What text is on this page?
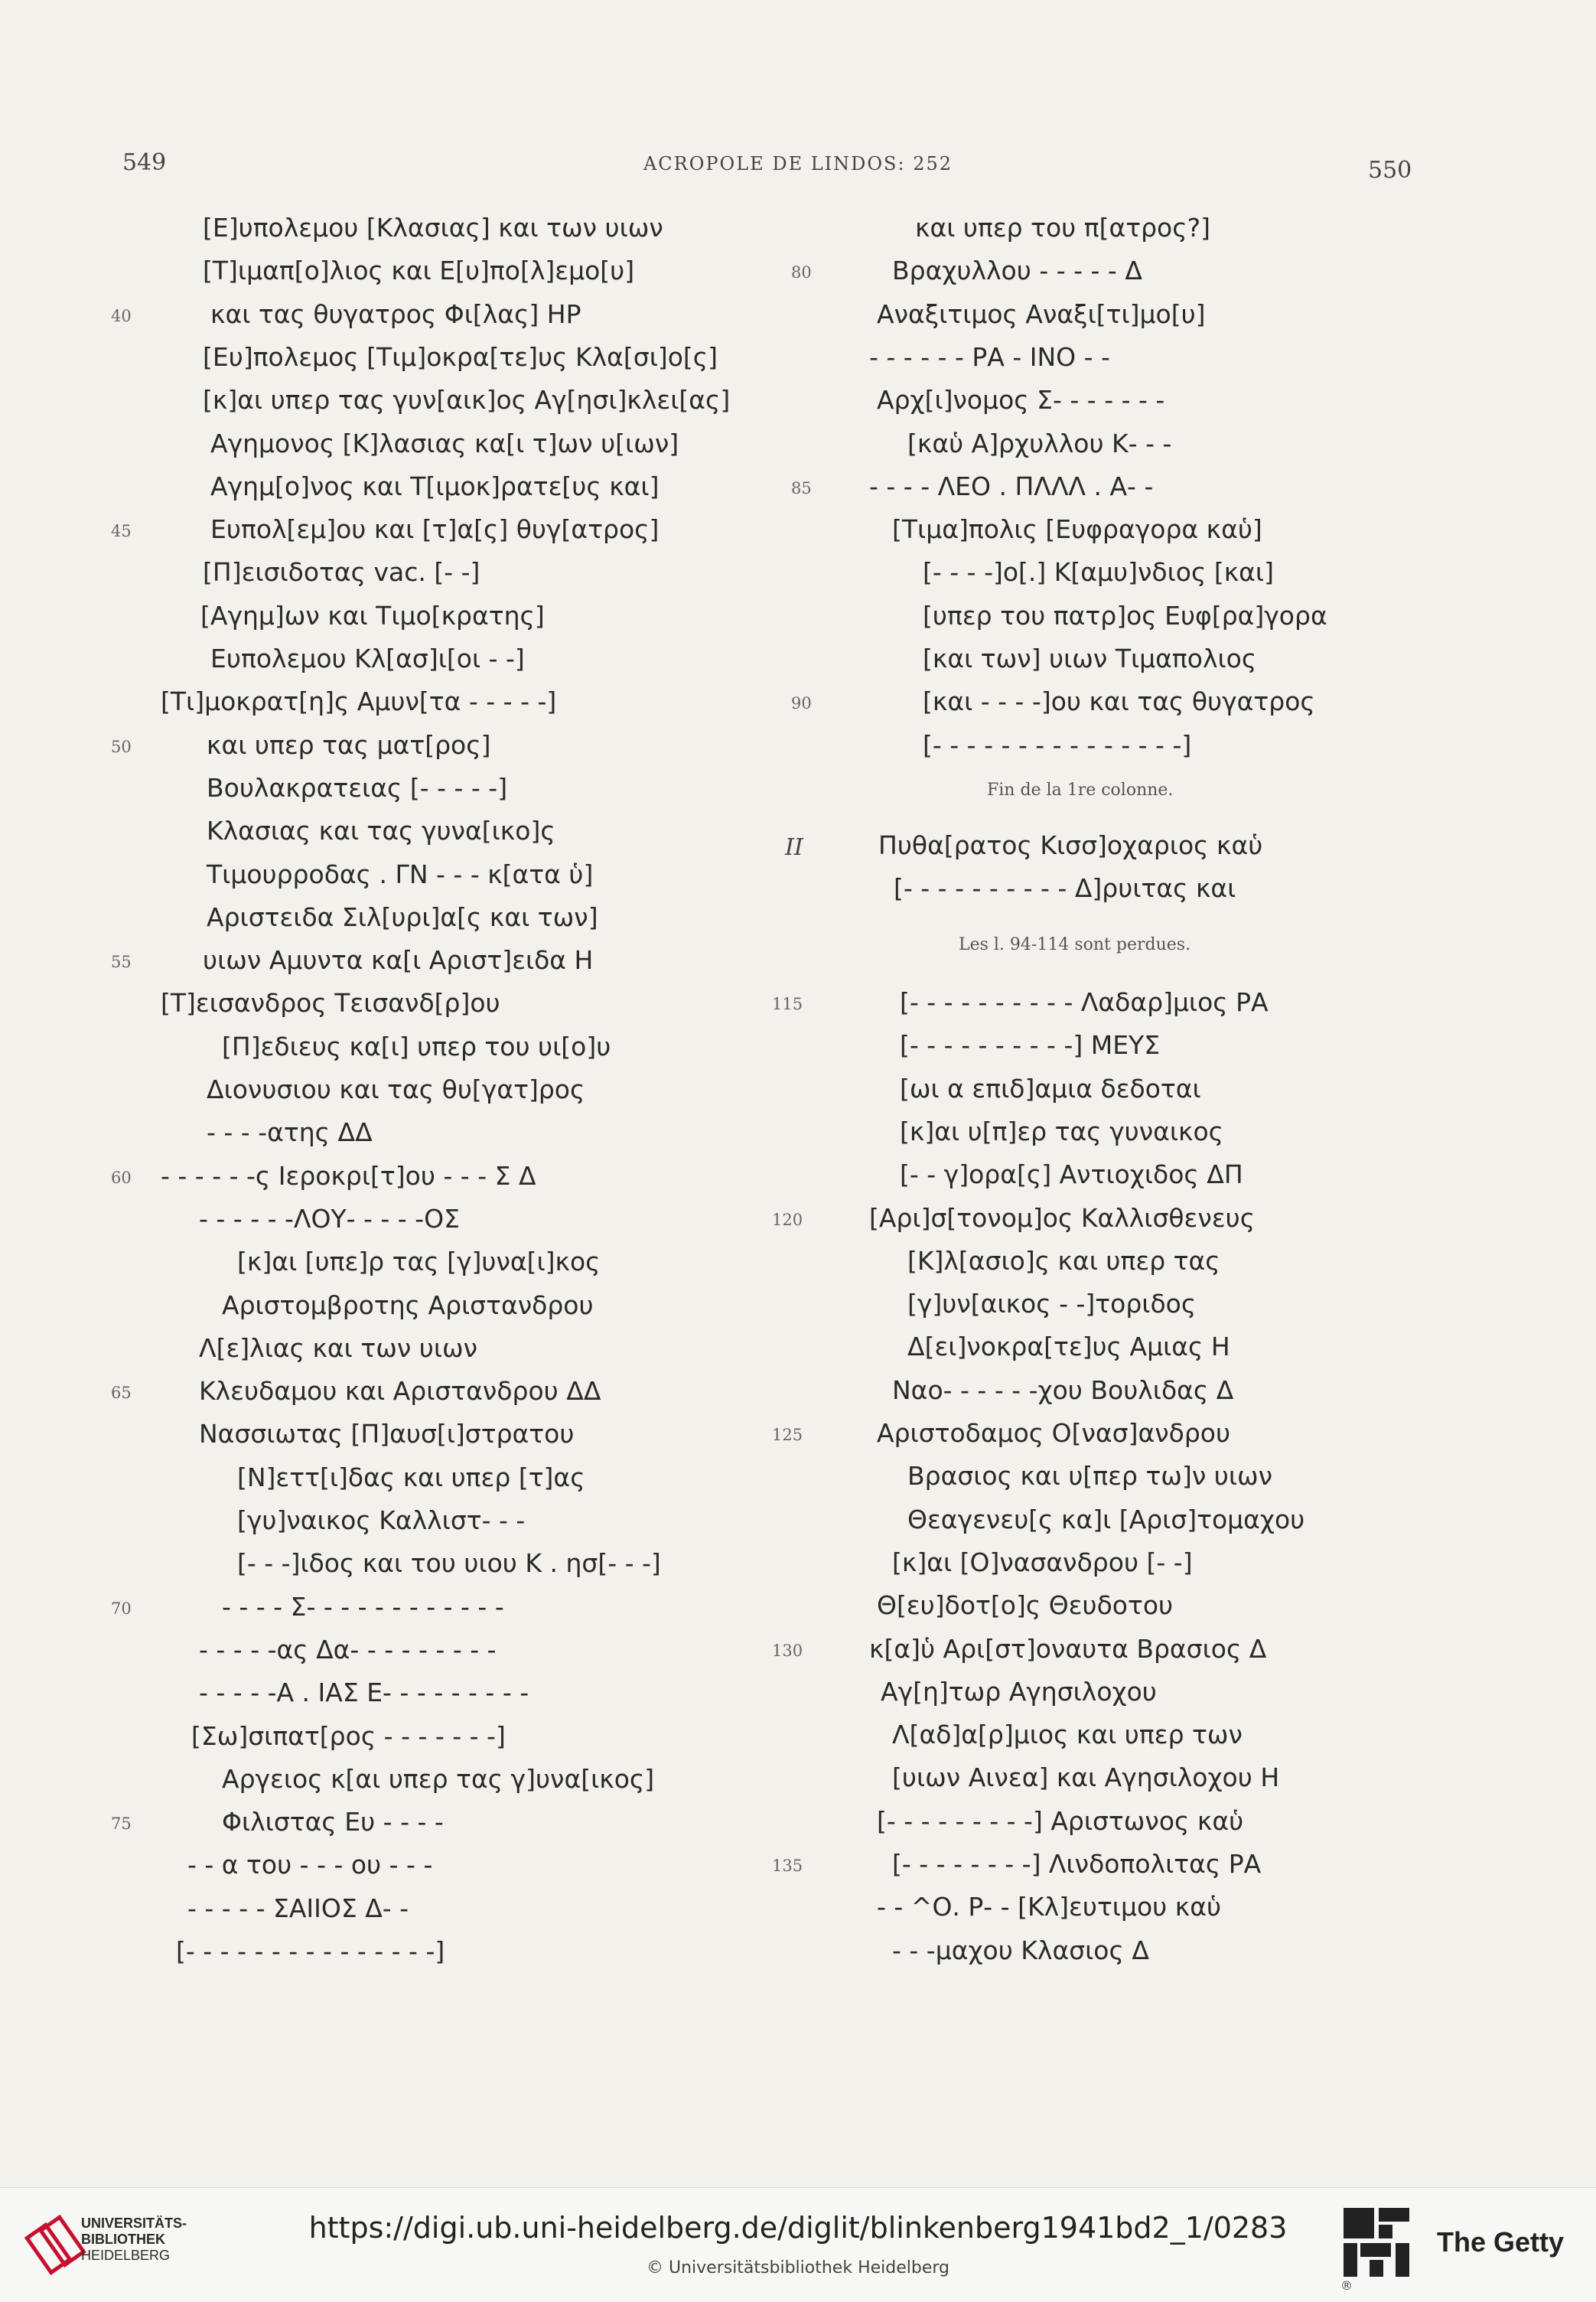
549	ACROPOLE DE LINDOS: 252	550
[Ε]υπολεμου [Κλασιας] και των υιων
[Τ]ιμαπ[ο]λιος και Ε[υ]πο[λ]εμο[υ]
40	και τας θυγατρος Φι[λας] ΗΡ
[Ευ]πολεμος [Τιμ]οκρα[τε]υς Κλα[σι]ο[ς]
[κ]αι υπερ τας γυν[αικ]ος Αγ[ησι]κλει[ας]
Αγημονος [Κ]λασιας κα[ι τ]ων υ[ιων]
Αγημ[ο]νος και Τ[ιμοκ]ρατε[υς και]
45	Ευπολ[εμ]ου και [τ]α[ς] θυγ[ατρος]
[Π]εισιδοτας vac. [- -]
[Αγημ]ων και Τιμο[κρατης]
Ευπολεμου Κλ[ασ]ι[οι - -]
[Τι]μοκρατ[η]ς Αμυν[τα - - - - -]
50	και υπερ τας ματ[ρος]
Βουλακρατειας [- - - - -]
Κλασιας και τας γυνα[ικο]ς
Τιμουρροδας . ΓΝ - - - κ[ατα ὑ]
Αριστειδα Σιλ[υρι]α[ς και των]
55	υιων Αμυντα κα[ι Αριστ]ειδα Η
[Τ]εισανδρος Τεισανδ[ρ]ου
[Π]εδιευς κα[ι] υπερ του υι[ο]υ
Διονυσιου και τας θυ[γατ]ρος
- - - -ατης ΔΔ
60 - - - - - -ς Ιεροκρι[τ]ου - - - Σ Δ
- - - - - -ΛΟΥ- - - - -ΟΣ
[κ]αι [υπε]ρ τας [γ]υνα[ι]κος
Αριστομβροτης Αριστανδρου
Λ[ε]λιας και των υιων
65	Κλευδαμου και Αριστανδρου ΔΔ
Νασσιωτας [Π]αυσ[ι]στρατου
[Ν]εττ[ι]δας και υπερ [τ]ας
[γυ]ναικος Καλλιστ- - -
[- - -]ιδος και του υιου Κ . ησ[- - -]
70	- - - - Σ- - - - - - - - - - - -
- - - - -ας Δα- - - - - - - - -
- - - - -Α . ΙΑΣ Ε- - - - - - - - -
[Σω]σιπατ[ρος - - - - - - -]
Αργειος κ[αι υπερ τας γ]υνα[ικος]
75	Φιλιστας Ευ - - - -
- - α του - - - ου - - -
- - - - - ΣΑΙΙΟΣ Δ- -
[- - - - - - - - - - - - - - -]
και υπερ του π[ατρος?]
80	Βραχυλλου - - - - - Δ
Αναξιτιμος Αναξι[τι]μο[υ]
- - - - - - ΡΑ - ΙΝΟ - -
Αρχ[ι]νομος Σ- - - - - - -
[καὑ Α]ρχυλλου Κ- - -
85 - - - - ΛΕΟ . ΠΛΛΛ . Α- -
[Τιμα]πολις [Ευφραγορα καὑ]
[- - - -]ο[.] Κ[αμυ]νδιος [και]
[υπερ του πατρ]ος Ευφ[ρα]γορα
[και των] υιων Τιμαπολιος
90	[και - - - -]ου και τας θυγατρος
[- - - - - - - - - - - - - - -]
Πυθα[ρατος Κισσ]οχαριος καὑ
[- - - - - - - - - - Δ]ρυιτας και
115	[- - - - - - - - - - Λαδαρ]μιος ΡΑ
[- - - - - - - - - -] ΜΕΥΣ
[ωι α επιδ]αμια δεδοται
[κ]αι υ[π]ερ τας γυναικος
[- - γ]ορα[ς] Αντιοχιδος ΔΠ
120	[Αρι]σ[τονομ]ος Καλλισθενευς
[Κ]λ[ασιο]ς και υπερ τας
[γ]υν[αικος - -]τοριδος
Δ[ει]νοκρα[τε]υς Αμιας Η
Ναο- - - - - -χου Βουλιδας Δ
125	Αριστοδαμος Ο[νασ]ανδρου
Βρασιος και υ[περ τω]ν υιων
Θεαγενευ[ς κα]ι [Αρισ]τομαχου
[κ]αι [Ο]νασανδρου [- -]
Θ[ευ]δοτ[ο]ς Θευδοτου
130	κ[α]ὑ Αρι[στ]οναυτα Βρασιος Δ
Αγ[η]τωρ Αγησιλοχου
Λ[αδ]α[ρ]μιος και υπερ των
[υιων Αινεα] και Αγησιλοχου Η
[- - - - - - - - -] Αριστωνος καὑ
135	[- - - - - - - -] Λινδοπολιτας ΡΑ
- - ^Ο. Ρ- - [Κλ]ευτιμου καὑ
- - -μαχου Κλασιος Δ
Fin de la 1re colonne.
II
Les l. 94-114 sont perdues.
UNIVERSITÄTS-
BIBLIOTHEK
HEIDELBERG
https://digi.ub.uni-heidelberg.de/diglit/blinkenberg1941bd2_1/0283
© Universitätsbibliothek Heidelberg
The Getty
®
